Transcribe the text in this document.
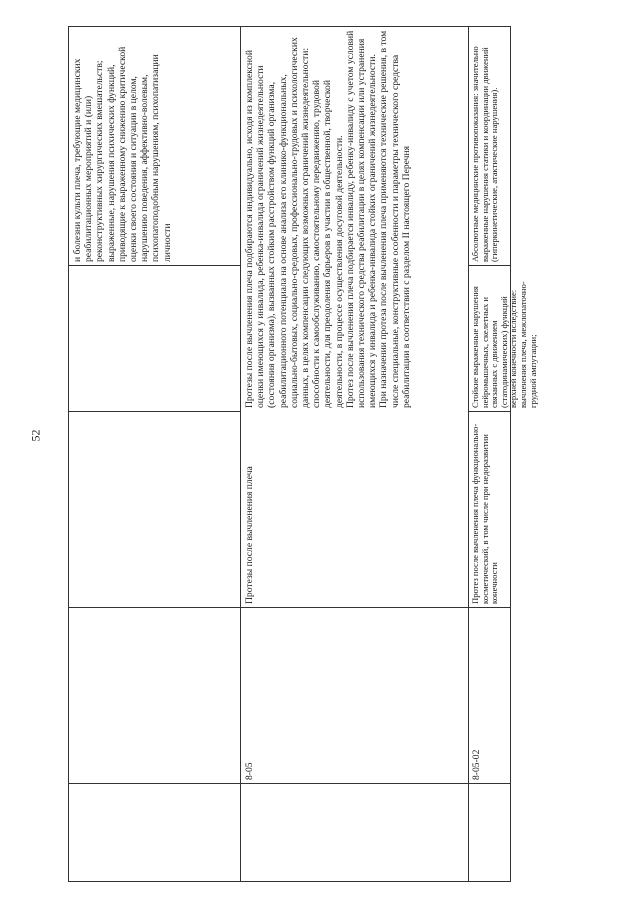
52

и болезни культи плеча, требующие медицинских реабилитационных мероприятий и (или) реконструктивных хирургических вмешательств; выраженные, нарушения психических функций, приводящие к выраженному снижению критической оценки своего состояния и ситуации в целом, нарушению поведения, аффективно-волевым, психопатоподобным нарушениям, психопатизации личности

8-05
Протезы после вычленения плеча

Протезы после вычленения плеча подбираются индивидуально, исходя из комплексной оценки имеющихся у инвалида, ребенка-инвалида ограничений жизнедеятельности (состояния организма), вызванных стойким расстройством функций организма, реабилитационного потенциала на основе анализа его клинико-функциональных, социально-бытовых, социально-средовых, профессионально-трудовых и психологических данных, в целях компенсации следующих возможных ограничений жизнедеятельности: способности к самообслуживанию, самостоятельному передвижению, трудовой деятельности, для преодоления барьеров в участии в общественной, творческой деятельности, в процессе осуществления досуговой деятельности. Протез после вычленения плеча подбирается инвалиду, ребенку-инвалиду с учетом условий использования технического средства реабилитации в целях компенсации или устранения имеющихся у инвалида и ребенка-инвалида стойких ограничений жизнедеятельности. При назначении протеза после вычленения плеча применяются технические решения, в том числе специальные, конструктивные особенности и параметры технического средства реабилитации в соответствии с разделом II настоящего Перечня

8-05-02
Протез после вычленения плеча функционально-косметический, в том числе при недоразвитии конечности
Стойкие выраженные нарушения нейромышечных, скелетных и связанных с движением (статодинамических) функций верхней конечности вследствие: вычленения плеча, межлопаточно-грудной ампутации;
Абсолютные медицинские противопоказания: значительно выраженные нарушения статики и координации движений (гиперкинетические, атактические нарушения).
